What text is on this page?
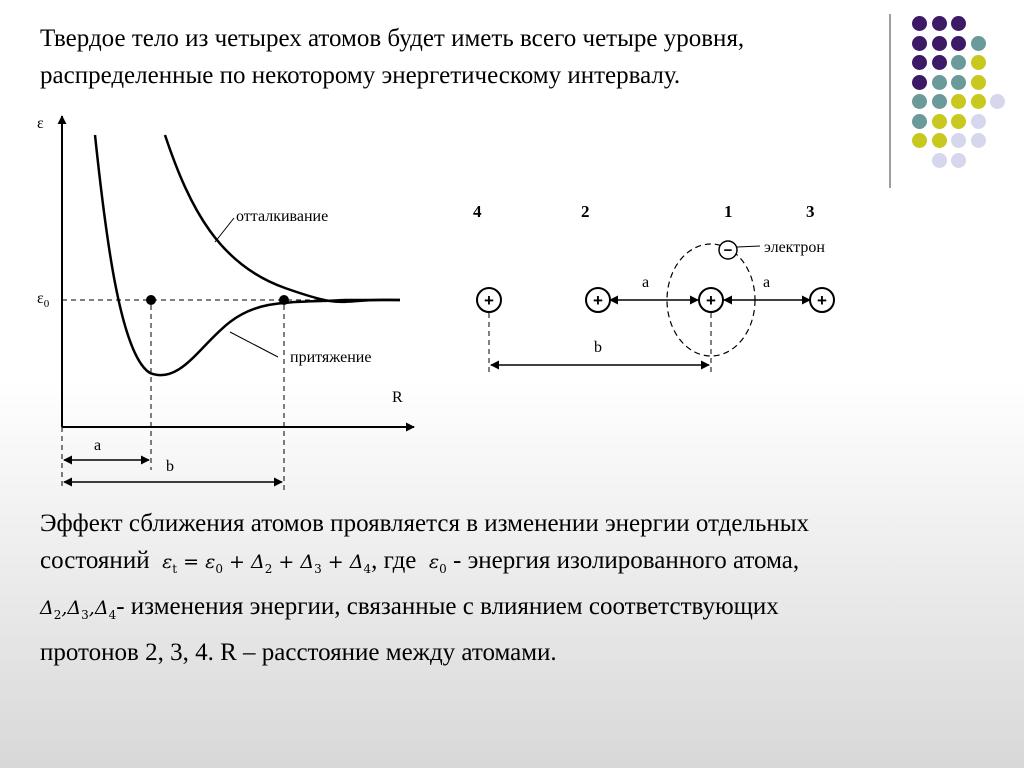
Твердое тело из четырех атомов будет иметь всего четыре уровня,
распределенные по некоторому энергетическому интервалу.
ε
R
$\varepsilon_0$
отталкивание
притяжение
a
b
4	2	1	3
a	a
b
+	+	+	+
− электрон

Эффект сближения атомов проявляется в изменении энергии отдельных

состояний $\varepsilon_t = \varepsilon_0 + \Delta_2 + \Delta_3 + \Delta_4$, где $\varepsilon_0$ - энергия изолированного атома,

$\Delta_2,\Delta_3,\Delta_4-$ изменения энергии, связанные с влиянием соответствующих

протонов 2, 3, 4. R – расстояние между атомами.
